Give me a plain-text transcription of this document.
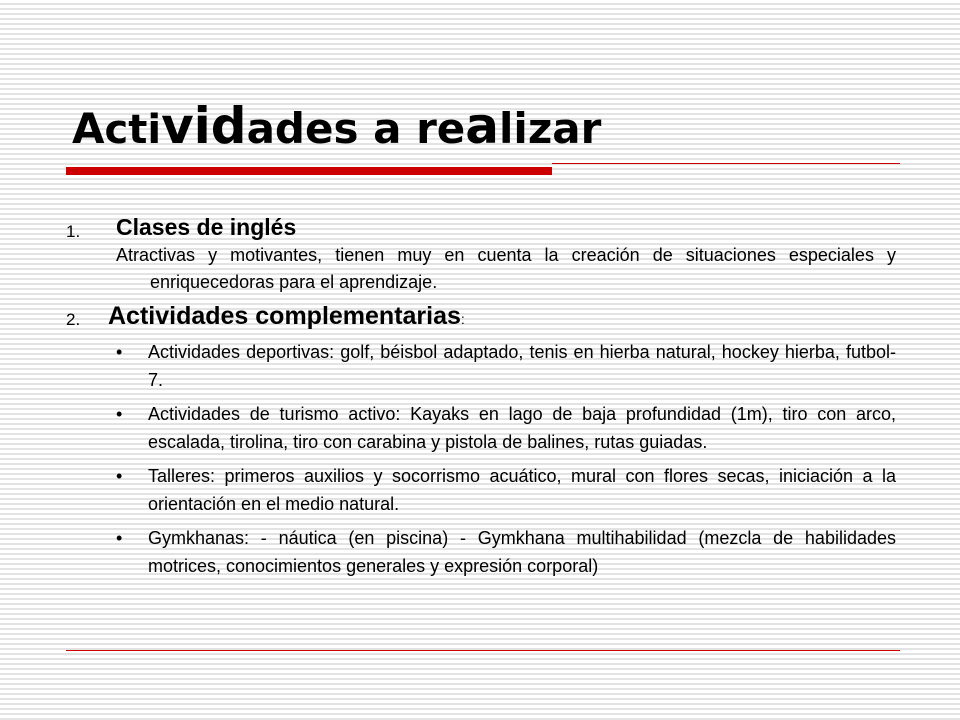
Actividades a realizar
1.	Clases de inglés
Atractivas y motivantes, tienen muy en cuenta la creación de situaciones especiales y enriquecedoras para el aprendizaje.
2.	Actividades complementarias:
• Actividades deportivas: golf, béisbol adaptado, tenis en hierba natural, hockey hierba, futbol-7.
• Actividades de turismo activo: Kayaks en lago de baja profundidad (1m), tiro con arco, escalada, tirolina, tiro con carabina y pistola de balines, rutas guiadas.
• Talleres: primeros auxilios y socorrismo acuático, mural con flores secas, iniciación a la orientación en el medio natural.
• Gymkhanas: - náutica (en piscina) - Gymkhana multihabilidad (mezcla de habilidades motrices, conocimientos generales y expresión corporal)
